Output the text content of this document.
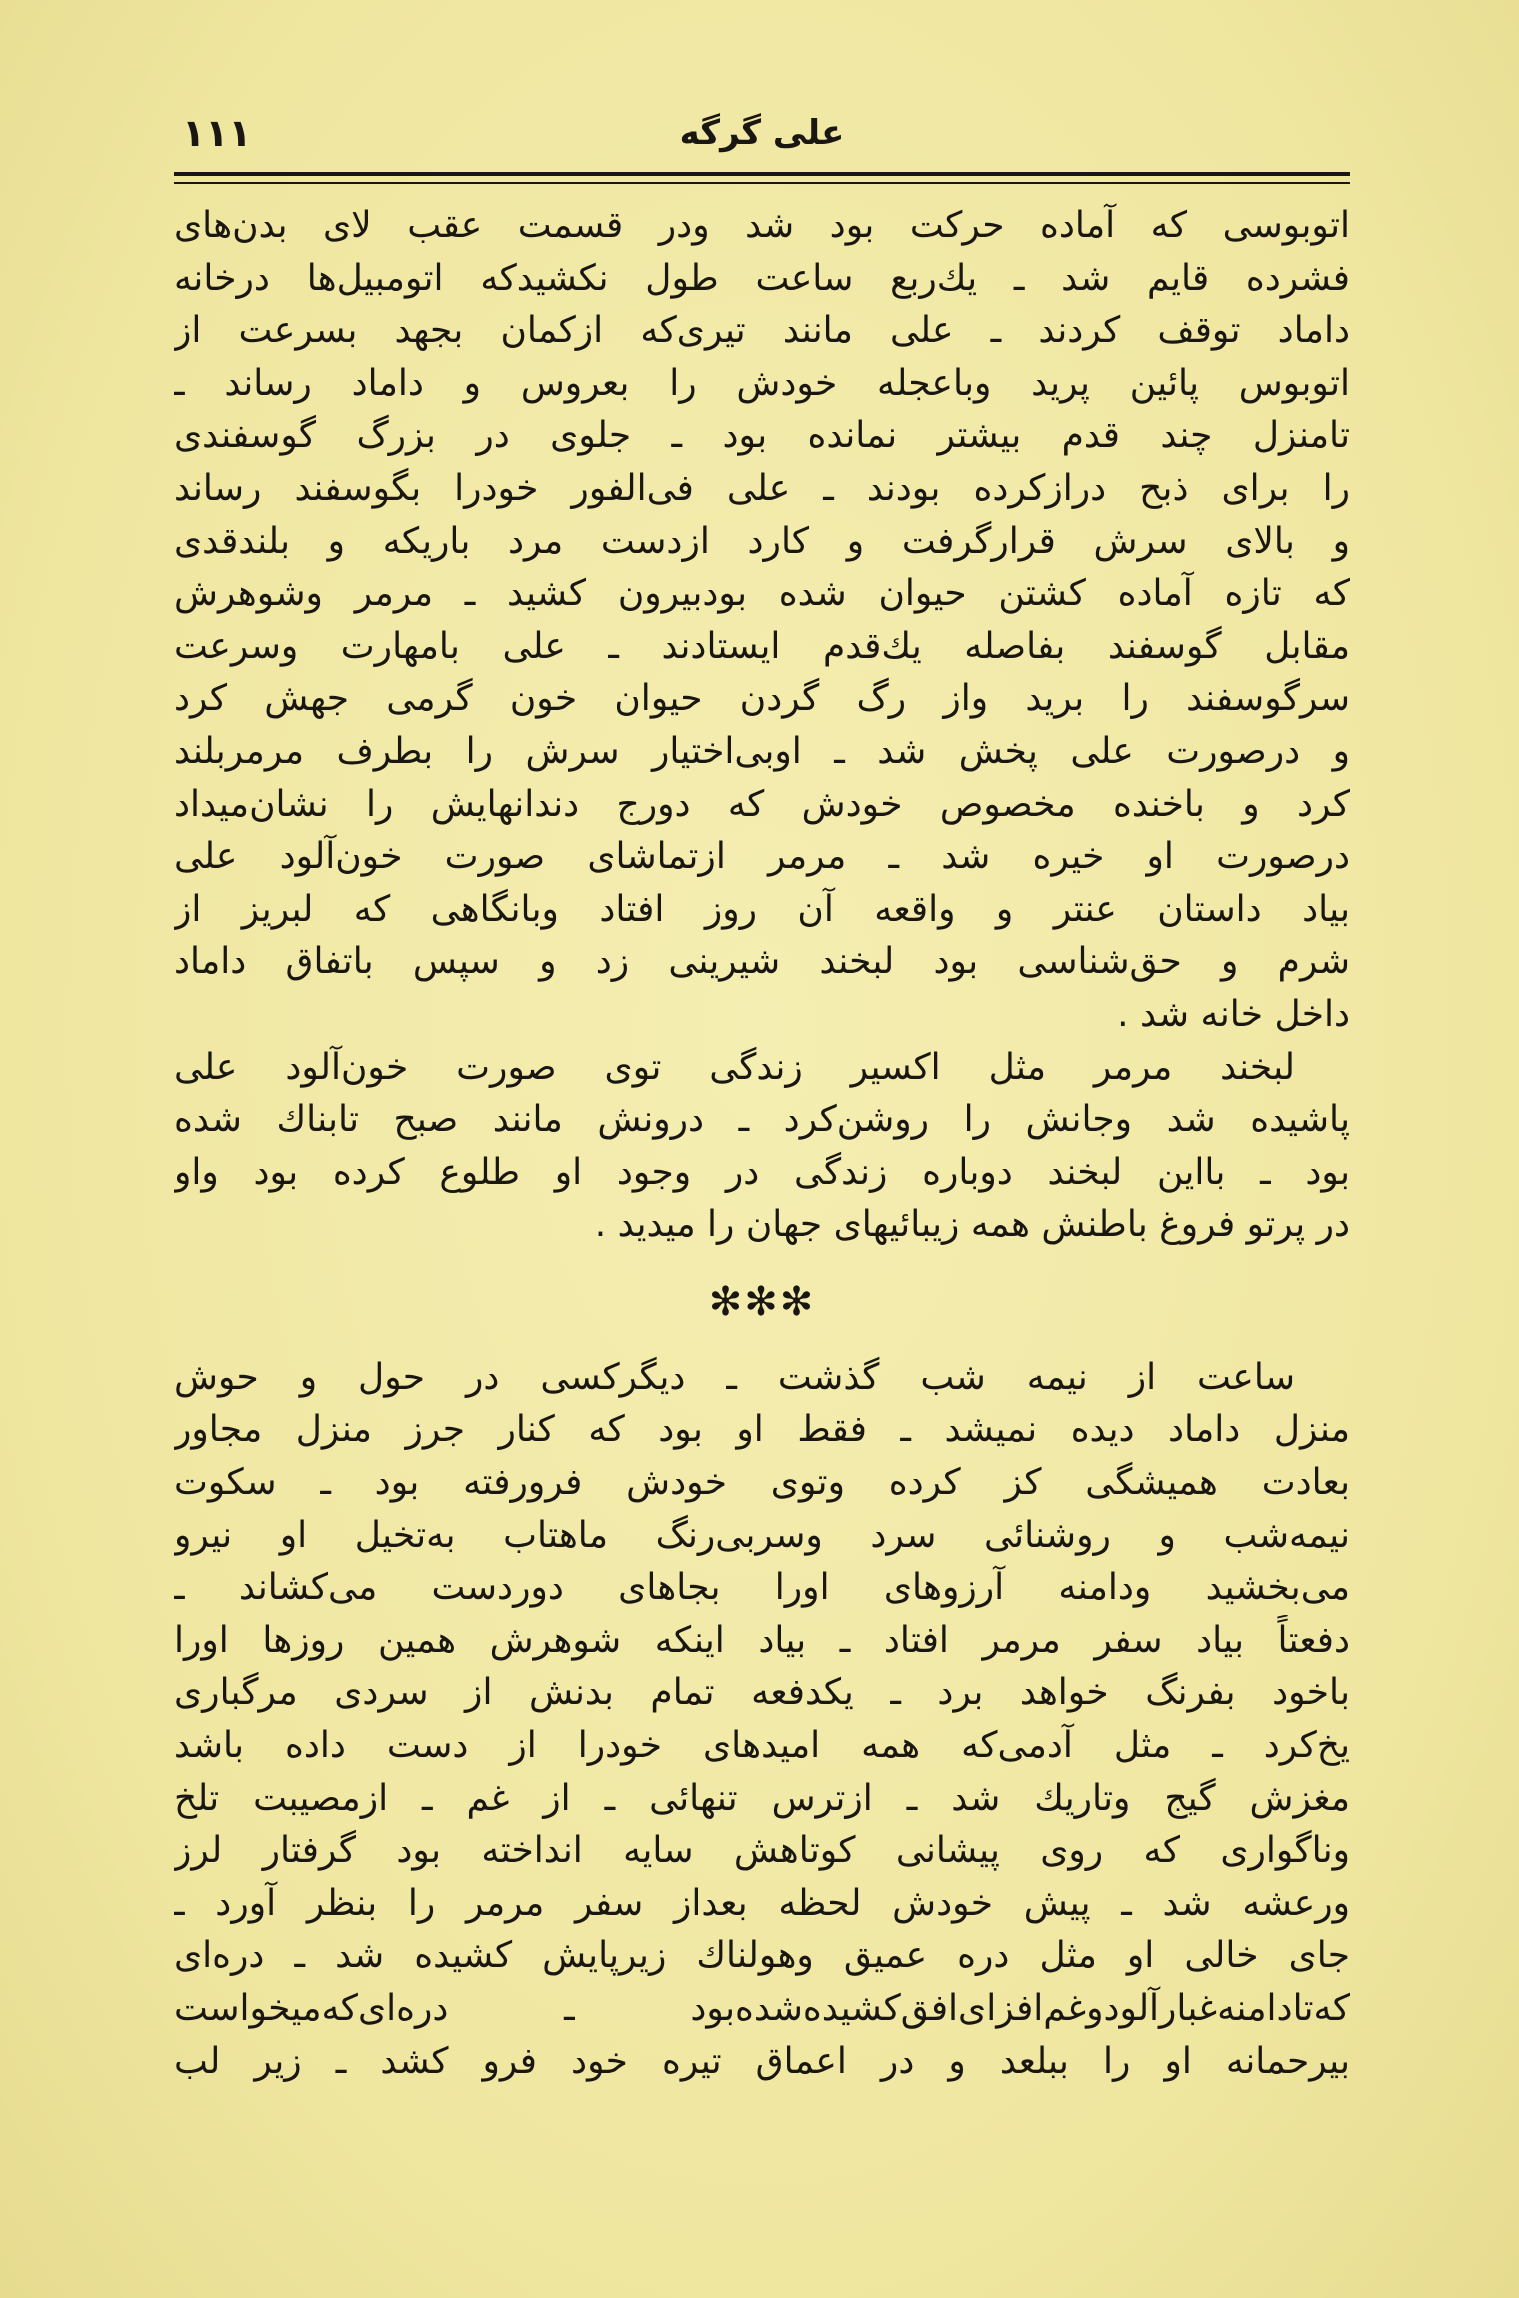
۱۱۱	علی گرگه
اتوبوسی که آماده حرکت بود شد ودر قسمت عقب لای بدن‌های
فشرده قایم شد ـ یك‌ربع ساعت طول نکشیدکه اتومبیل‌ها درخانه
داماد توقف کردند ـ علی مانند تیری‌که ازکمان بجهد بسرعت از
اتوبوس پائین پرید وباعجله خودش را بعروس و داماد رساند ـ
تامنزل چند قدم بیشتر نمانده بود ـ جلوی در بزرگ گوسفندی
را برای ذبح درازکرده بودند ـ علی فی‌الفور خودرا بگوسفند رساند
و بالای سرش قرارگرفت و کارد ازدست مرد باریکه و بلندقدی
که تازه آماده کشتن حیوان شده بودبیرون کشید ـ مرمر وشوهرش
مقابل گوسفند بفاصله یك‌قدم ایستادند ـ علی بامهارت وسرعت
سرگوسفند را برید واز رگ گردن حیوان خون گرمی جهش کرد
و درصورت علی پخش شد ـ اوبی‌اختیار سرش را بطرف مرمربلند
کرد و باخنده مخصوص خودش که دورج دندانهایش را نشان‌میداد
درصورت او خیره شد ـ مرمر ازتماشای صورت خون‌آلود علی
بیاد داستان عنتر و واقعه آن روز افتاد وبانگاهی که لبریز از
شرم و حق‌شناسی بود لبخند شیرینی زد و سپس باتفاق داماد
داخل خانه شد .
لبخند مرمر مثل اکسیر زندگی توی صورت خون‌آلود علی
پاشیده شد وجانش را روشن‌کرد ـ درونش مانند صبح تابناك شده
بود ـ بااین لبخند دوباره زندگی در وجود او طلوع کرده بود واو
در پرتو فروغ باطنش همه زیبائیهای جهان را میدید .
✻✻✻
ساعت از نیمه شب گذشت ـ دیگرکسی در حول و حوش
منزل داماد دیده نمیشد ـ فقط او بود که کنار جرز منزل مجاور
بعادت همیشگی کز کرده وتوی خودش فرورفته بود ـ سکوت
نیمه‌شب و روشنائی سرد وسربی‌رنگ ماهتاب به‌تخیل او نیرو
می‌بخشید ودامنه آرزوهای اورا بجاهای دوردست می‌کشاند ـ
دفعتاً بیاد سفر مرمر افتاد ـ بیاد اینکه شوهرش همین روزها اورا
باخود بفرنگ خواهد برد ـ یکدفعه تمام بدنش از سردی مرگباری
یخ‌کرد ـ مثل آدمی‌که همه امیدهای خودرا از دست داده باشد
مغزش گیج وتاریك شد ـ ازترس تنهائی ـ از غم ـ ازمصیبت تلخ
وناگواری که روی پیشانی کوتاهش سایه انداخته بود گرفتار لرز
ورعشه شد ـ پیش خودش لحظه بعداز سفر مرمر را بنظر آورد ـ
جای خالی او مثل دره عمیق وهولناك زیرپایش کشیده شد ـ دره‌ای
که‌تادامنه‌غبارآلودوغم‌افزای‌افق‌کشیده‌شده‌بود ـ دره‌ای‌که‌میخواست
بیرحمانه او را ببلعد و در اعماق تیره خود فرو کشد ـ زیر لب
